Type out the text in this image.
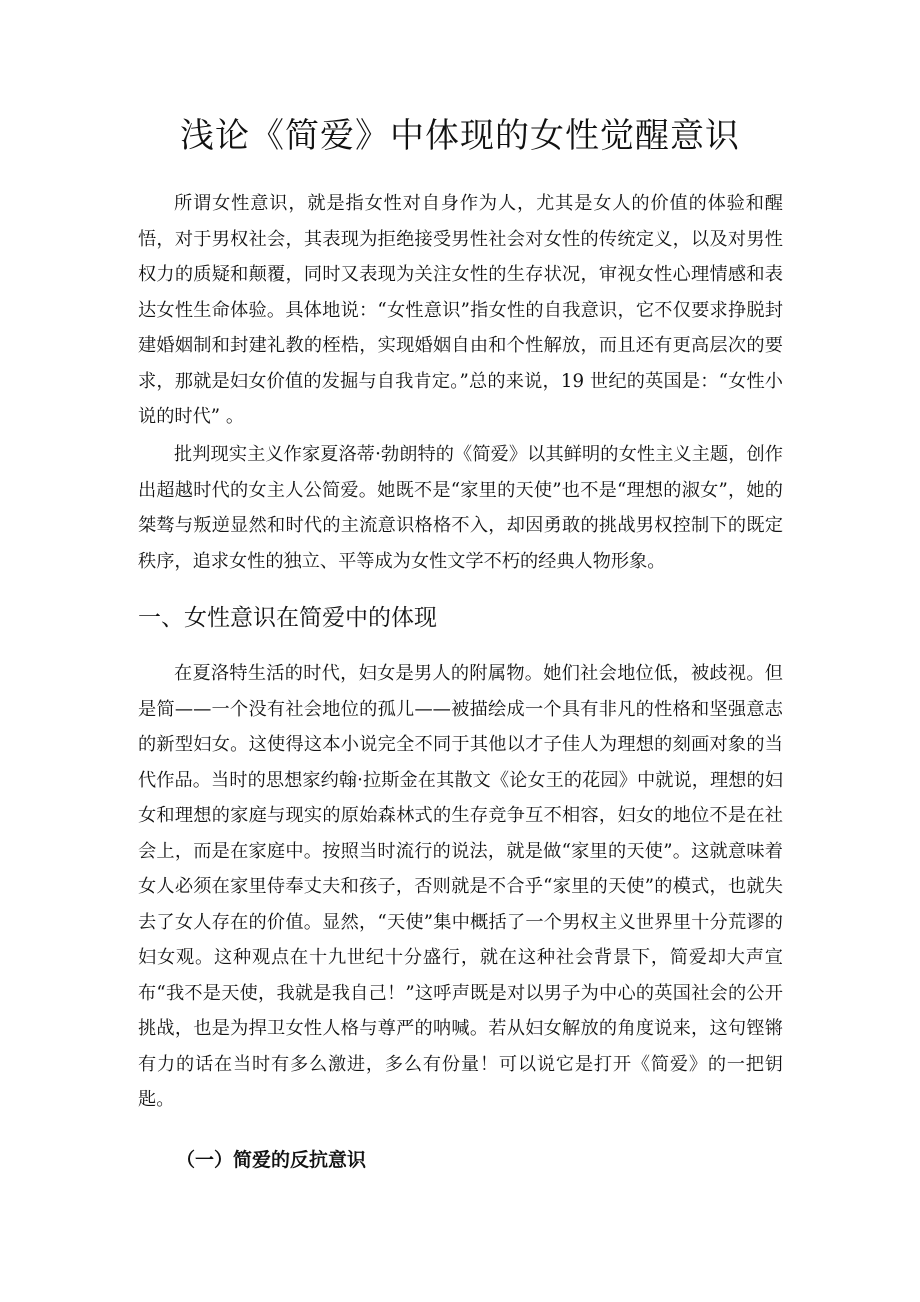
浅论《简爱》中体现的女性觉醒意识

所谓女性意识，就是指女性对自身作为人，尤其是女人的价值的体验和醒悟，对于男权社会，其表现为拒绝接受男性社会对女性的传统定义，以及对男性权力的质疑和颠覆，同时又表现为关注女性的生存状况，审视女性心理情感和表达女性生命体验。具体地说：“女性意识”指女性的自我意识，它不仅要求挣脱封建婚姻制和封建礼教的桎梏，实现婚姻自由和个性解放，而且还有更高层次的要求，那就是妇女价值的发掘与自我肯定。”总的来说，19 世纪的英国是：“女性小说的时代” 。

批判现实主义作家夏洛蒂·勃朗特的《简爱》以其鲜明的女性主义主题，创作出超越时代的女主人公简爱。她既不是“家里的天使”也不是“理想的淑女”，她的桀骜与叛逆显然和时代的主流意识格格不入，却因勇敢的挑战男权控制下的既定秩序，追求女性的独立、平等成为女性文学不朽的经典人物形象。

一、女性意识在简爱中的体现

在夏洛特生活的时代，妇女是男人的附属物。她们社会地位低，被歧视。但是简——一个没有社会地位的孤儿——被描绘成一个具有非凡的性格和坚强意志的新型妇女。这使得这本小说完全不同于其他以才子佳人为理想的刻画对象的当代作品。当时的思想家约翰·拉斯金在其散文《论女王的花园》中就说，理想的妇女和理想的家庭与现实的原始森林式的生存竞争互不相容，妇女的地位不是在社会上，而是在家庭中。按照当时流行的说法，就是做“家里的天使”。这就意味着女人必须在家里侍奉丈夫和孩子，否则就是不合乎“家里的天使”的模式，也就失去了女人存在的价值。显然，“天使”集中概括了一个男权主义世界里十分荒谬的妇女观。这种观点在十九世纪十分盛行，就在这种社会背景下，简爱却大声宣布“我不是天使，我就是我自己！”这呼声既是对以男子为中心的英国社会的公开挑战，也是为捍卫女性人格与尊严的呐喊。若从妇女解放的角度说来，这句铿锵有力的话在当时有多么激进，多么有份量！可以说它是打开《简爱》的一把钥匙。

（一）简爱的反抗意识
